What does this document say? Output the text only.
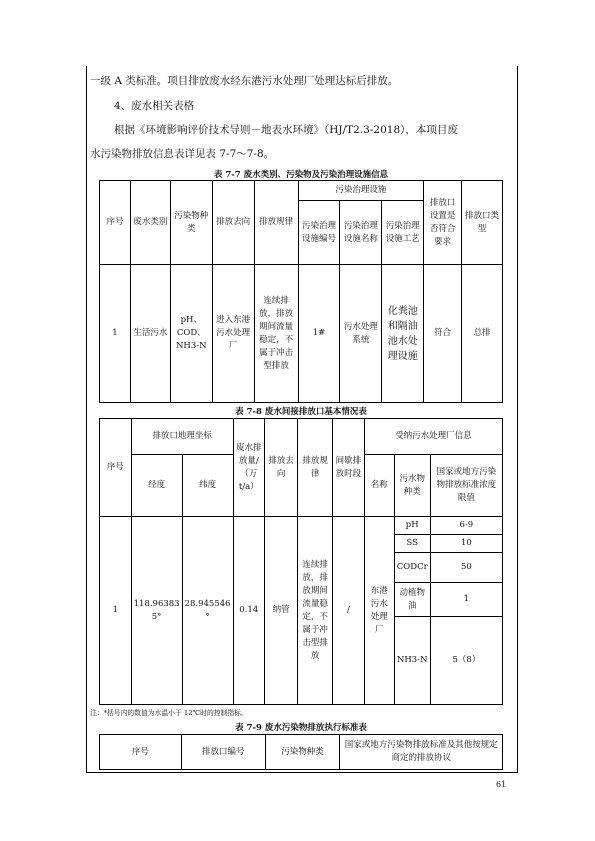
一级 A 类标准。项目排放废水经东港污水处理厂处理达标后排放。
4、废水相关表格
根据《环境影响评价技术导则－地表水环境》（HJ/T2.3-2018），本项目废
水污染物排放信息表详见表 7-7～7-8。
表 7-7 废水类别、污染物及污染治理设施信息
序号	废水类别	污染物种类	排放去向	排放规律	污染治理设施			排放口设置是否符合要求	排放口类型
					污染治理设施编号	污染治理设施名称	污染治理设施工艺		
1	生活污水	pH、COD、NH3-N	进入东港污水处理厂	连续排放，排放期间流量稳定，不属于冲击型排放	1#	污水处理系统	化粪池和隔油池水处理设施	符合	总排
表 7-8 废水间接排放口基本情况表
序号	排放口地理坐标		废水排放量/（万t/a）	排放去向	排放规律	间歇排放时段	受纳污水处理厂信息		
	经度	纬度					名称	污水物种类	国家或地方污染物排放标准浓度限值
1	118.96383 5°	28.945546 °	0.14	纳管	连续排放，排放期间流量稳定，不属于冲击型排放	/	东港污水处理厂	pH	6-9
								SS	10
								CODCr	50
								动植物油	1
								NH3-N	5（8）
注：*括号内的数值为水温小于 12℃时的控制指标。
表 7-9 废水污染物排放执行标准表
序号	排放口编号	污染物种类	国家或地方污染物排放标准及其他按规定商定的排放协议
61
